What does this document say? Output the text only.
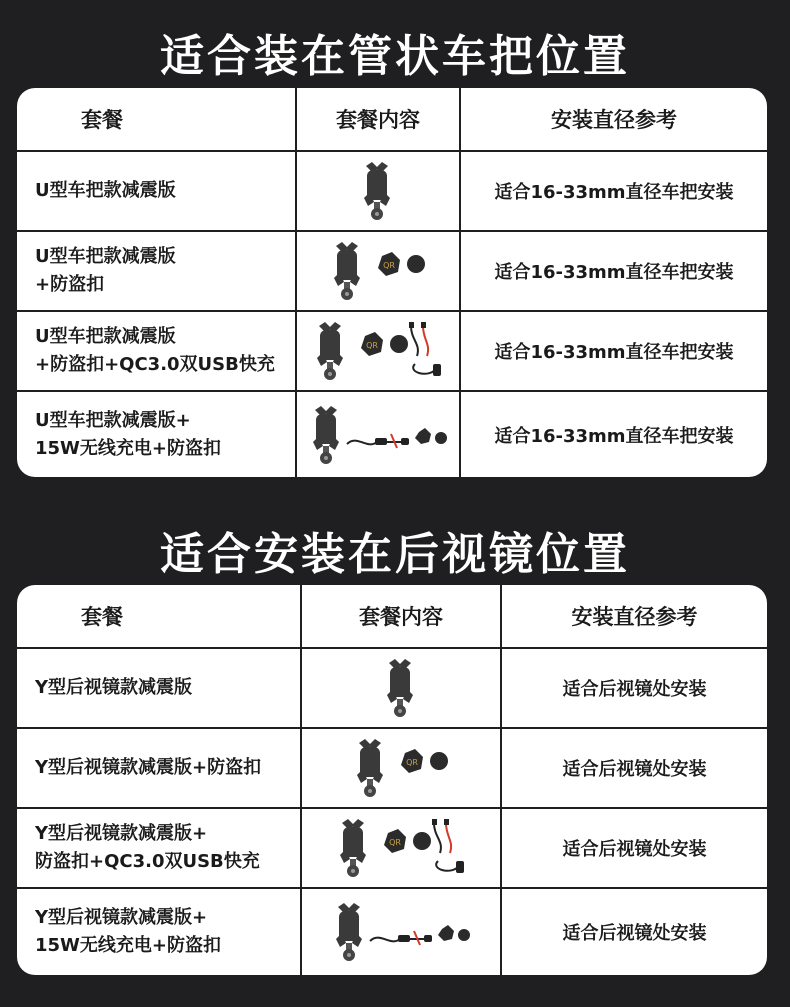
适合装在管状车把位置
套餐	套餐内容	安装直径参考
U型车把款减震版	适合16-33mm直径车把安装
U型车把款减震版
+防盗扣
QR	适合16-33mm直径车把安装
U型车把款减震版
+防盗扣+QC3.0双USB快充
QR	适合16-33mm直径车把安装
U型车把款减震版+
15W无线充电+防盗扣
适合16-33mm直径车把安装
适合安装在后视镜位置
套餐	套餐内容	安装直径参考
Y型后视镜款减震版	适合后视镜处安装
Y型后视镜款减震版+防盗扣	QR	适合后视镜处安装
Y型后视镜款减震版+
防盗扣+QC3.0双USB快充
QR	适合后视镜处安装
Y型后视镜款减震版+
15W无线充电+防盗扣
适合后视镜处安装
